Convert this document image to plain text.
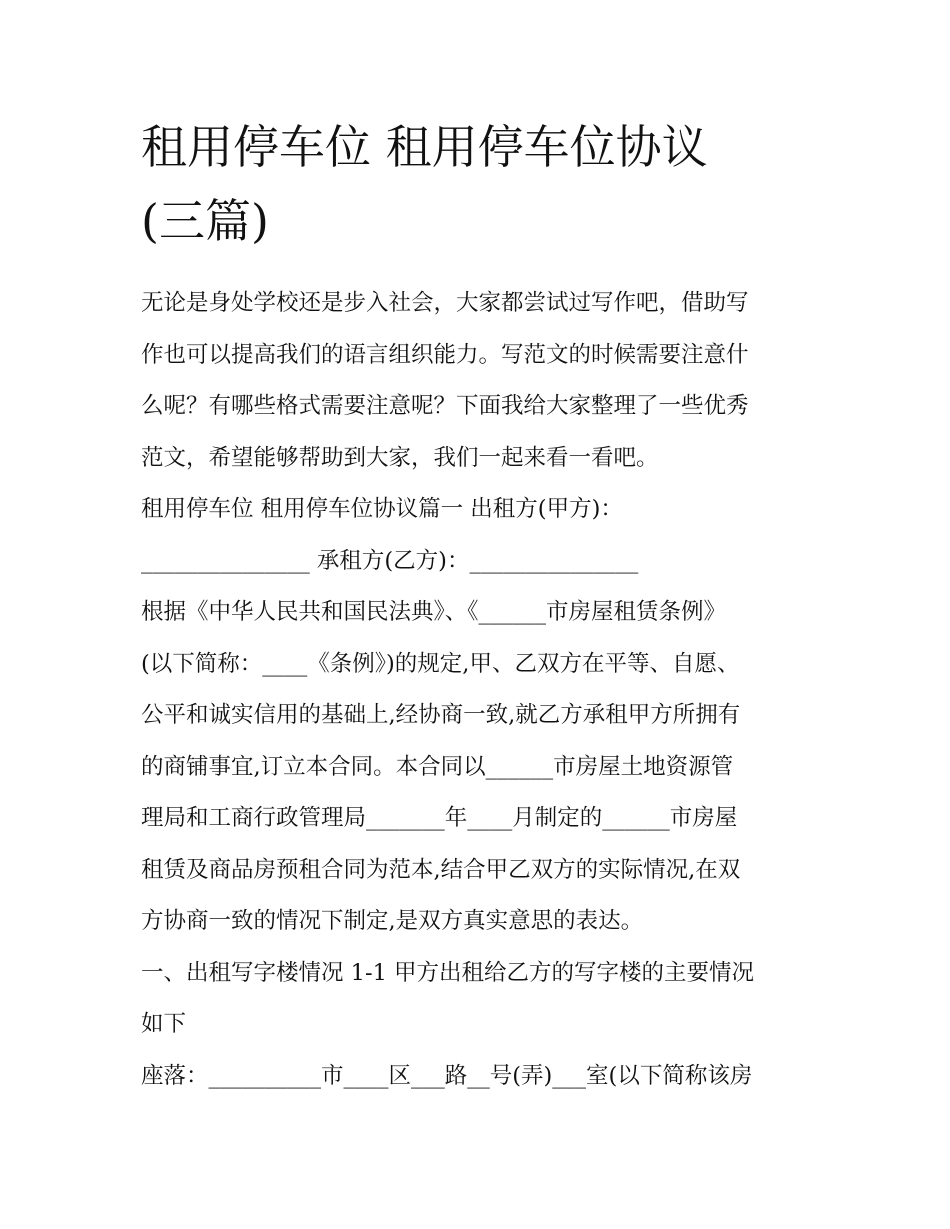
租用停车位 租用停车位协议
(三篇)
无论是身处学校还是步入社会，大家都尝试过写作吧，借助写
作也可以提高我们的语言组织能力。写范文的时候需要注意什
么呢？有哪些格式需要注意呢？下面我给大家整理了一些优秀
范文，希望能够帮助到大家，我们一起来看一看吧。
租用停车位 租用停车位协议篇一 出租方(甲方)：
_______________ 承租方(乙方)：_______________
根据《中华人民共和国民法典》、《______市房屋租赁条例》
(以下简称：____《条例》)的规定,甲、乙双方在平等、自愿、
公平和诚实信用的基础上,经协商一致,就乙方承租甲方所拥有
的商铺事宜,订立本合同。本合同以______市房屋土地资源管
理局和工商行政管理局_______年____月制定的______市房屋
租赁及商品房预租合同为范本,结合甲乙双方的实际情况,在双
方协商一致的情况下制定,是双方真实意思的表达。
一、出租写字楼情况 1-1 甲方出租给乙方的写字楼的主要情况
如下
座落：__________市____区___路__号(弄)___室(以下简称该房
